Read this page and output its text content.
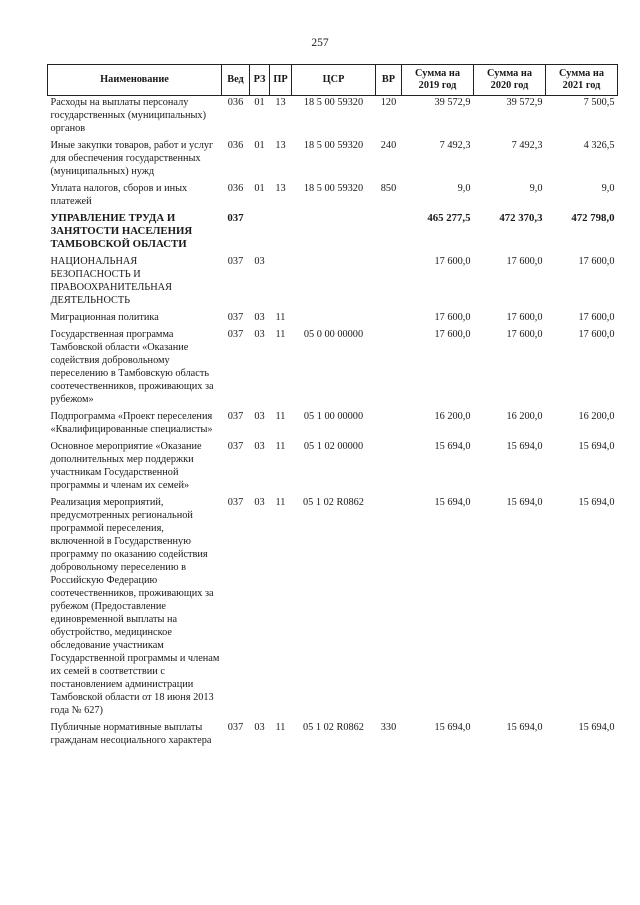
257
Наименование	Вед	РЗ	ПР	ЦСР	ВР	Сумма на 2019 год	Сумма на 2020 год	Сумма на 2021 год
Расходы на выплаты персоналу государственных (муниципальных) органов	036	01	13	18 5 00 59320	120	39 572,9	39 572,9	7 500,5
Иные закупки товаров, работ и услуг для обеспечения государственных (муниципальных) нужд	036	01	13	18 5 00 59320	240	7 492,3	7 492,3	4 326,5
Уплата налогов, сборов и иных платежей	036	01	13	18 5 00 59320	850	9,0	9,0	9,0
УПРАВЛЕНИЕ ТРУДА И ЗАНЯТОСТИ НАСЕЛЕНИЯ ТАМБОВСКОЙ ОБЛАСТИ	037					465 277,5	472 370,3	472 798,0
НАЦИОНАЛЬНАЯ БЕЗОПАСНОСТЬ И ПРАВООХРАНИТЕЛЬНАЯ ДЕЯТЕЛЬНОСТЬ	037	03				17 600,0	17 600,0	17 600,0
Миграционная политика	037	03	11			17 600,0	17 600,0	17 600,0
Государственная программа Тамбовской области «Оказание содействия добровольному переселению в Тамбовскую область соотечественников, проживающих за рубежом»	037	03	11	05 0 00 00000		17 600,0	17 600,0	17 600,0
Подпрограмма «Проект переселения «Квалифицированные специалисты»	037	03	11	05 1 00 00000		16 200,0	16 200,0	16 200,0
Основное мероприятие «Оказание дополнительных мер поддержки участникам Государственной программы и членам их семей»	037	03	11	05 1 02 00000		15 694,0	15 694,0	15 694,0
Реализация мероприятий, предусмотренных региональной программой переселения, включенной в Государственную программу по оказанию содействия добровольному переселению в Российскую Федерацию соотечественников, проживающих за рубежом (Предоставление единовременной выплаты на обустройство, медицинское обследование участникам Государственной программы и членам их семей в соответствии с постановлением администрации Тамбовской области от 18 июня 2013 года № 627)	037	03	11	05 1 02 R0862		15 694,0	15 694,0	15 694,0
Публичные нормативные выплаты гражданам несоциального характера	037	03	11	05 1 02 R0862	330	15 694,0	15 694,0	15 694,0
